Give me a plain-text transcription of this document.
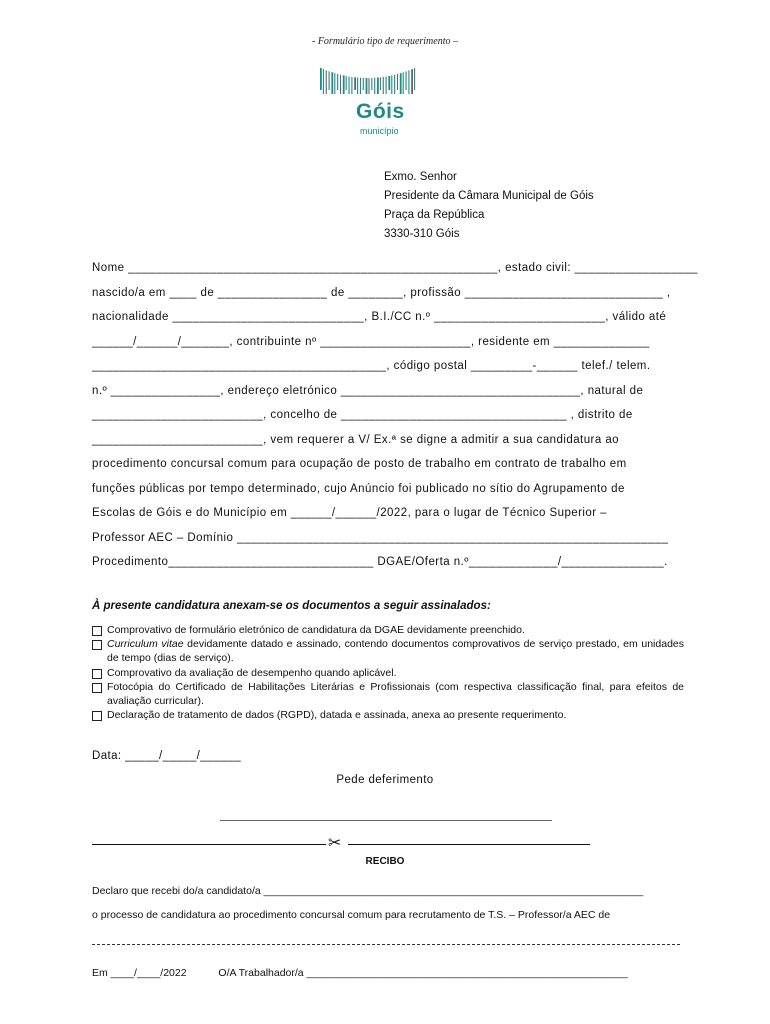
- Formulário tipo de requerimento –
Góis
município
Exmo. Senhor
Presidente da Câmara Municipal de Góis
Praça da República
3330-310 Góis
Nome ______________________________________________________, estado civil: __________________
nascido/a em ____ de ________________ de ________, profissão _____________________________ ,
nacionalidade ____________________________, B.I./CC n.º _________________________, válido até
______/______/_______, contribuinte nº ______________________, residente em ______________
___________________________________________, código postal _________-______ telef./ telem.
n.º ________________, endereço eletrónico ___________________________________, natural de
_________________________, concelho de _________________________________ , distrito de
_________________________, vem requerer a V/ Ex.ª se digne a admitir a sua candidatura ao
procedimento concursal comum para ocupação de posto de trabalho em contrato de trabalho em
funções públicas por tempo determinado, cujo Anúncio foi publicado no sítio do Agrupamento de
Escolas de Góis e do Município em ______/______/2022, para o lugar de Técnico Superior –
Professor AEC – Domínio _______________________________________________________________
Procedimento______________________________ DGAE/Oferta n.º_____________/_______________.
À presente candidatura anexam-se os documentos a seguir assinalados:
Comprovativo de formulário eletrónico de candidatura da DGAE devidamente preenchido.
Curriculum vitae devidamente datado e assinado, contendo documentos comprovativos de serviço prestado, em unidades de tempo (dias de serviço).
Comprovativo da avaliação de desempenho quando aplicável.
Fotocópia do Certificado de Habilitações Literárias e Profissionais (com respectiva classificação final, para efeitos de avaliação curricular).
Declaração de tratamento de dados (RGPD), datada e assinada, anexa ao presente requerimento.
Data: _____/_____/______
Pede deferimento
✂
RECIBO
Declaro que recebi do/a candidato/a _________________________________________________________________
o processo de candidatura ao procedimento concursal comum para recrutamento de T.S. – Professor/a AEC de
Em ____/____/2022	O/A Trabalhador/a _______________________________________________________
